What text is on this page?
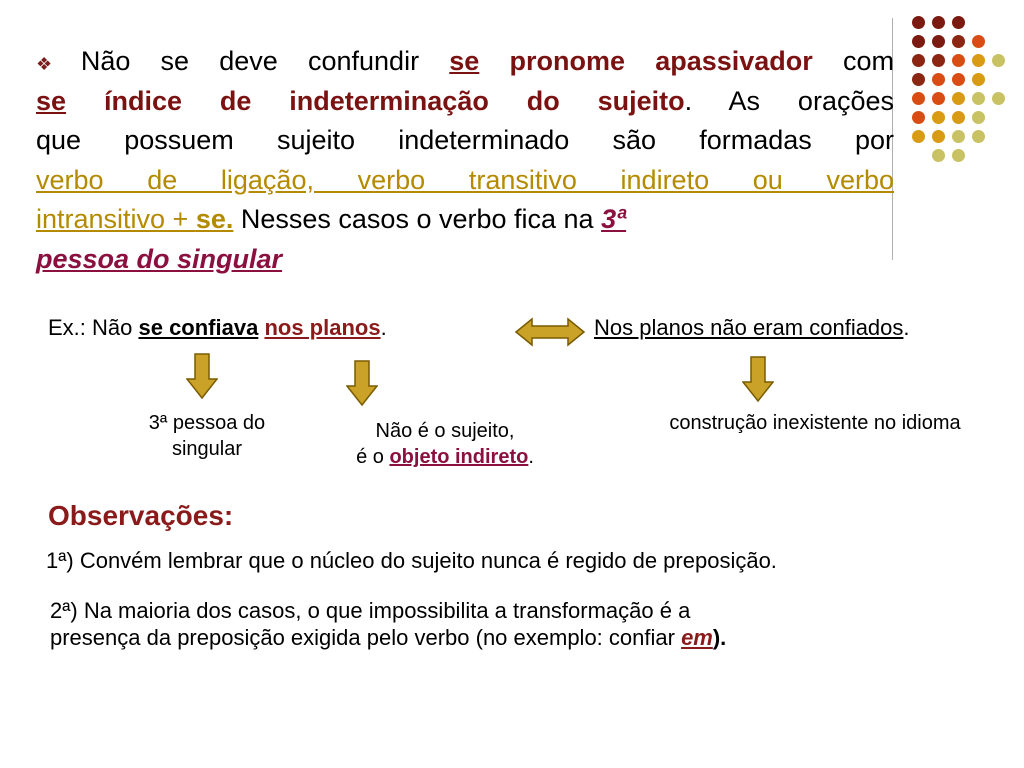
❖ Não se deve confundir se pronome apassivador com
se índice de indeterminação do sujeito. As orações
que possuem sujeito indeterminado são formadas por
verbo de ligação, verbo transitivo indireto ou verbo
intransitivo + se. Nesses casos o verbo fica na 3ª
pessoa do singular
Ex.: Não se confiava nos planos.	Nos planos não eram confiados.
3ª pessoa do
singular
Não é o sujeito,
é o objeto indireto.
construção inexistente no idioma
Observações:
1ª) Convém lembrar que o núcleo do sujeito nunca é regido de preposição.
2ª) Na maioria dos casos, o que impossibilita a transformação é a
presença da preposição exigida pelo verbo (no exemplo: confiar em).
